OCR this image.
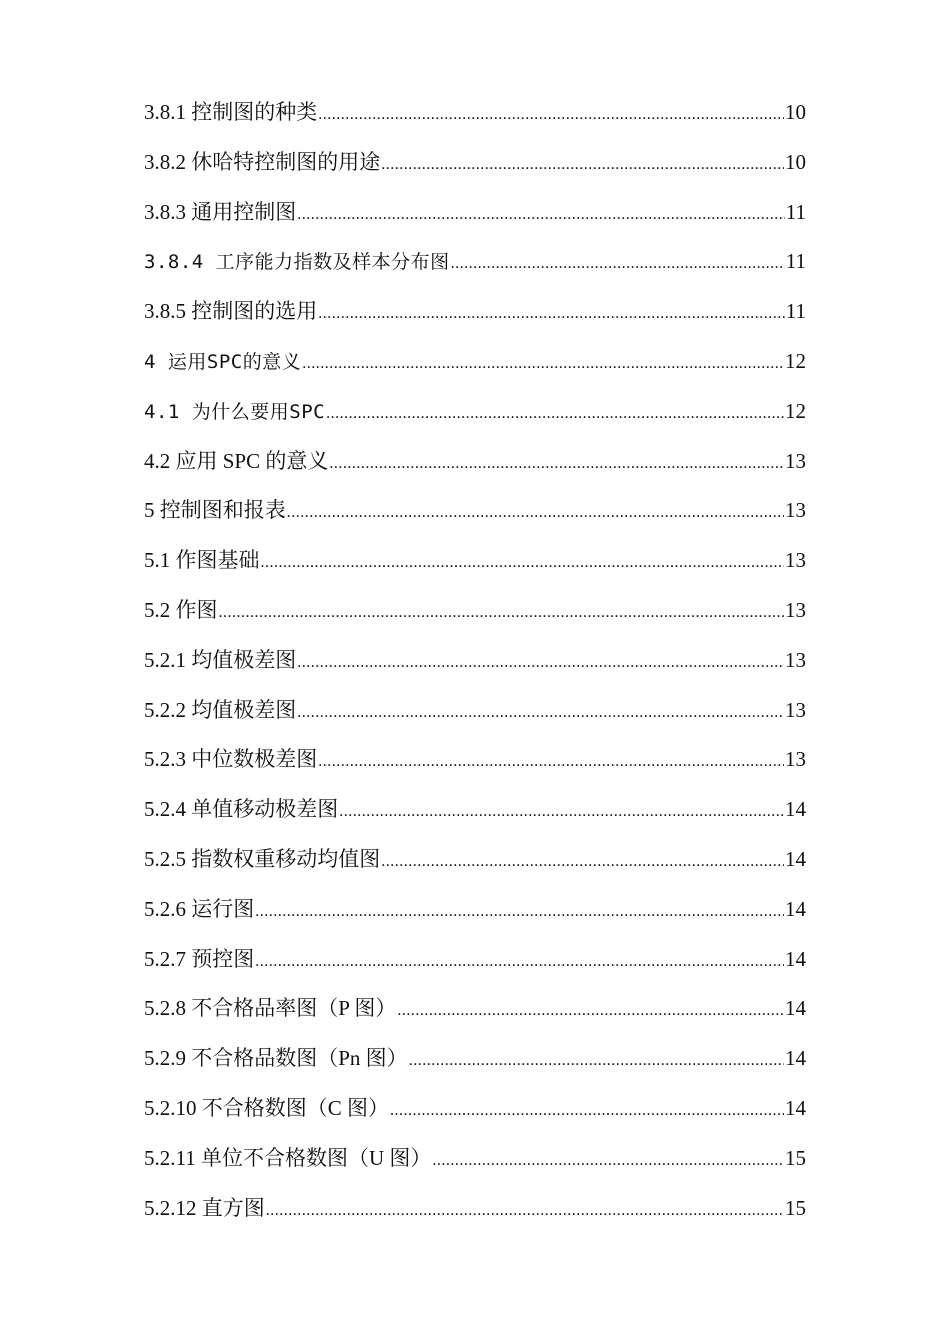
3.8.1 控制图的种类 .....	10
3.8.2 休哈特控制图的用途 .....	10
3.8.3 通用控制图 .....	11
3.8.4 工序能力指数及样本分布图 .....	11
3.8.5 控制图的选用 .....	11
4 运用SPC的意义 .....	12
4.1 为什么要用SPC .....	12
4.2 应用 SPC 的意义 .....	13
5 控制图和报表 .....	13
5.1 作图基础 .....	13
5.2 作图 .....	13
5.2.1 均值极差图 .....	13
5.2.2 均值极差图 .....	13
5.2.3 中位数极差图 .....	13
5.2.4 单值移动极差图 .....	14
5.2.5 指数权重移动均值图 .....	14
5.2.6 运行图 .....	14
5.2.7 预控图 .....	14
5.2.8 不合格品率图（P 图） .....	14
5.2.9 不合格品数图（Pn 图） .....	14
5.2.10 不合格数图（C 图） .....	14
5.2.11 单位不合格数图（U 图） .....	15
5.2.12 直方图 .....	15
